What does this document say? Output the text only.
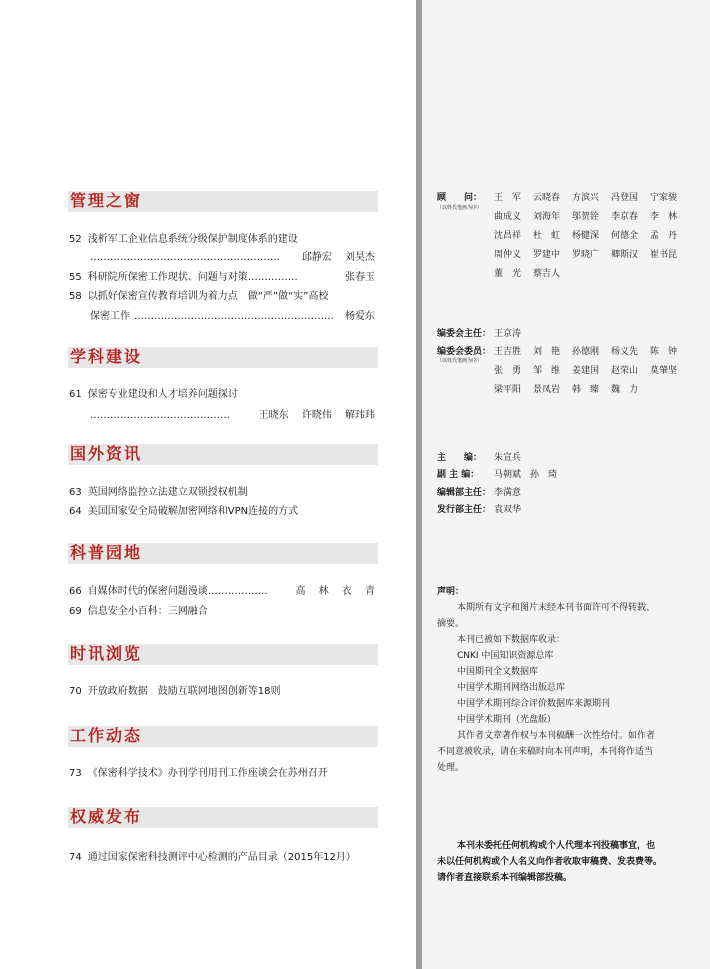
管理之窗
52 浅析军工企业信息系统分级保护制度体系的建设
…………………………………………………	邱静宏　 刘昊杰
55 科研院所保密工作现状、问题与对策……………	张春玉
58 以抓好保密宣传教育培训为着力点　做“严”做“实”高校
保密工作 ……………………………………………………	杨爱东
学科建设
61 保密专业建设和人才培养问题探讨
……………………………………	王晓东　 许晓伟　 解玮玮
国外资讯
63 英国网络监控立法建立双锁授权机制
64 美国国家安全局破解加密网络和VPN连接的方式
科普园地
66 自媒体时代的保密问题漫谈………………	高　 林　 衣　 青
69 信息安全小百科：三网融合
时讯浏览
70 开放政府数据　鼓励互联网地图创新等18则
工作动态
73 《保密科学技术》办刊学刊用刊工作座谈会在苏州召开
权威发布
74 通过国家保密科技测评中心检测的产品目录（2015年12月）
顾　　问：
（以姓氏笔画为序）
王　军	云晓春	方滨兴	冯登国	宁家骏
曲成义	刘海年	邬贺铨	李京春	李　林
沈昌祥	杜　虹	杨健深	何德全	孟　丹
周仲义	罗建中	罗晓广	卿斯汉	崔书昆
董　光	蔡吉人
编委会主任： 王京涛
编委会委员：
（以姓氏笔画为序）
王吉胜	刘　艳	孙德刚	杨义先	陈　钟
张　勇	邹　维	姜建国	赵荣山	莫肇坚
梁平阳	景凤岩	韩　臻	魏　力
主　　编： 朱宣兵
副 主 编： 马朝斌　孙　琦
编辑部主任： 李満意
发行部主任： 袁双华

声明：

本期所有文字和图片未经本刊书面许可不得转载、

摘要。

本刊已被如下数据库收录：

CNKI 中国知识资源总库

中国期刊全文数据库

中国学术期刊网络出版总库

中国学术期刊综合评价数据库来源期刊

中国学术期刊（光盘版）

其作者文章著作权与本刊稿酬一次性给付。如作者

不同意被收录，请在来稿时向本刊声明，本刊将作适当

处理。

本刊未委托任何机构或个人代理本刊投稿事宜，也

未以任何机构或个人名义向作者收取审稿费、发表费等。

请作者直接联系本刊编辑部投稿。
